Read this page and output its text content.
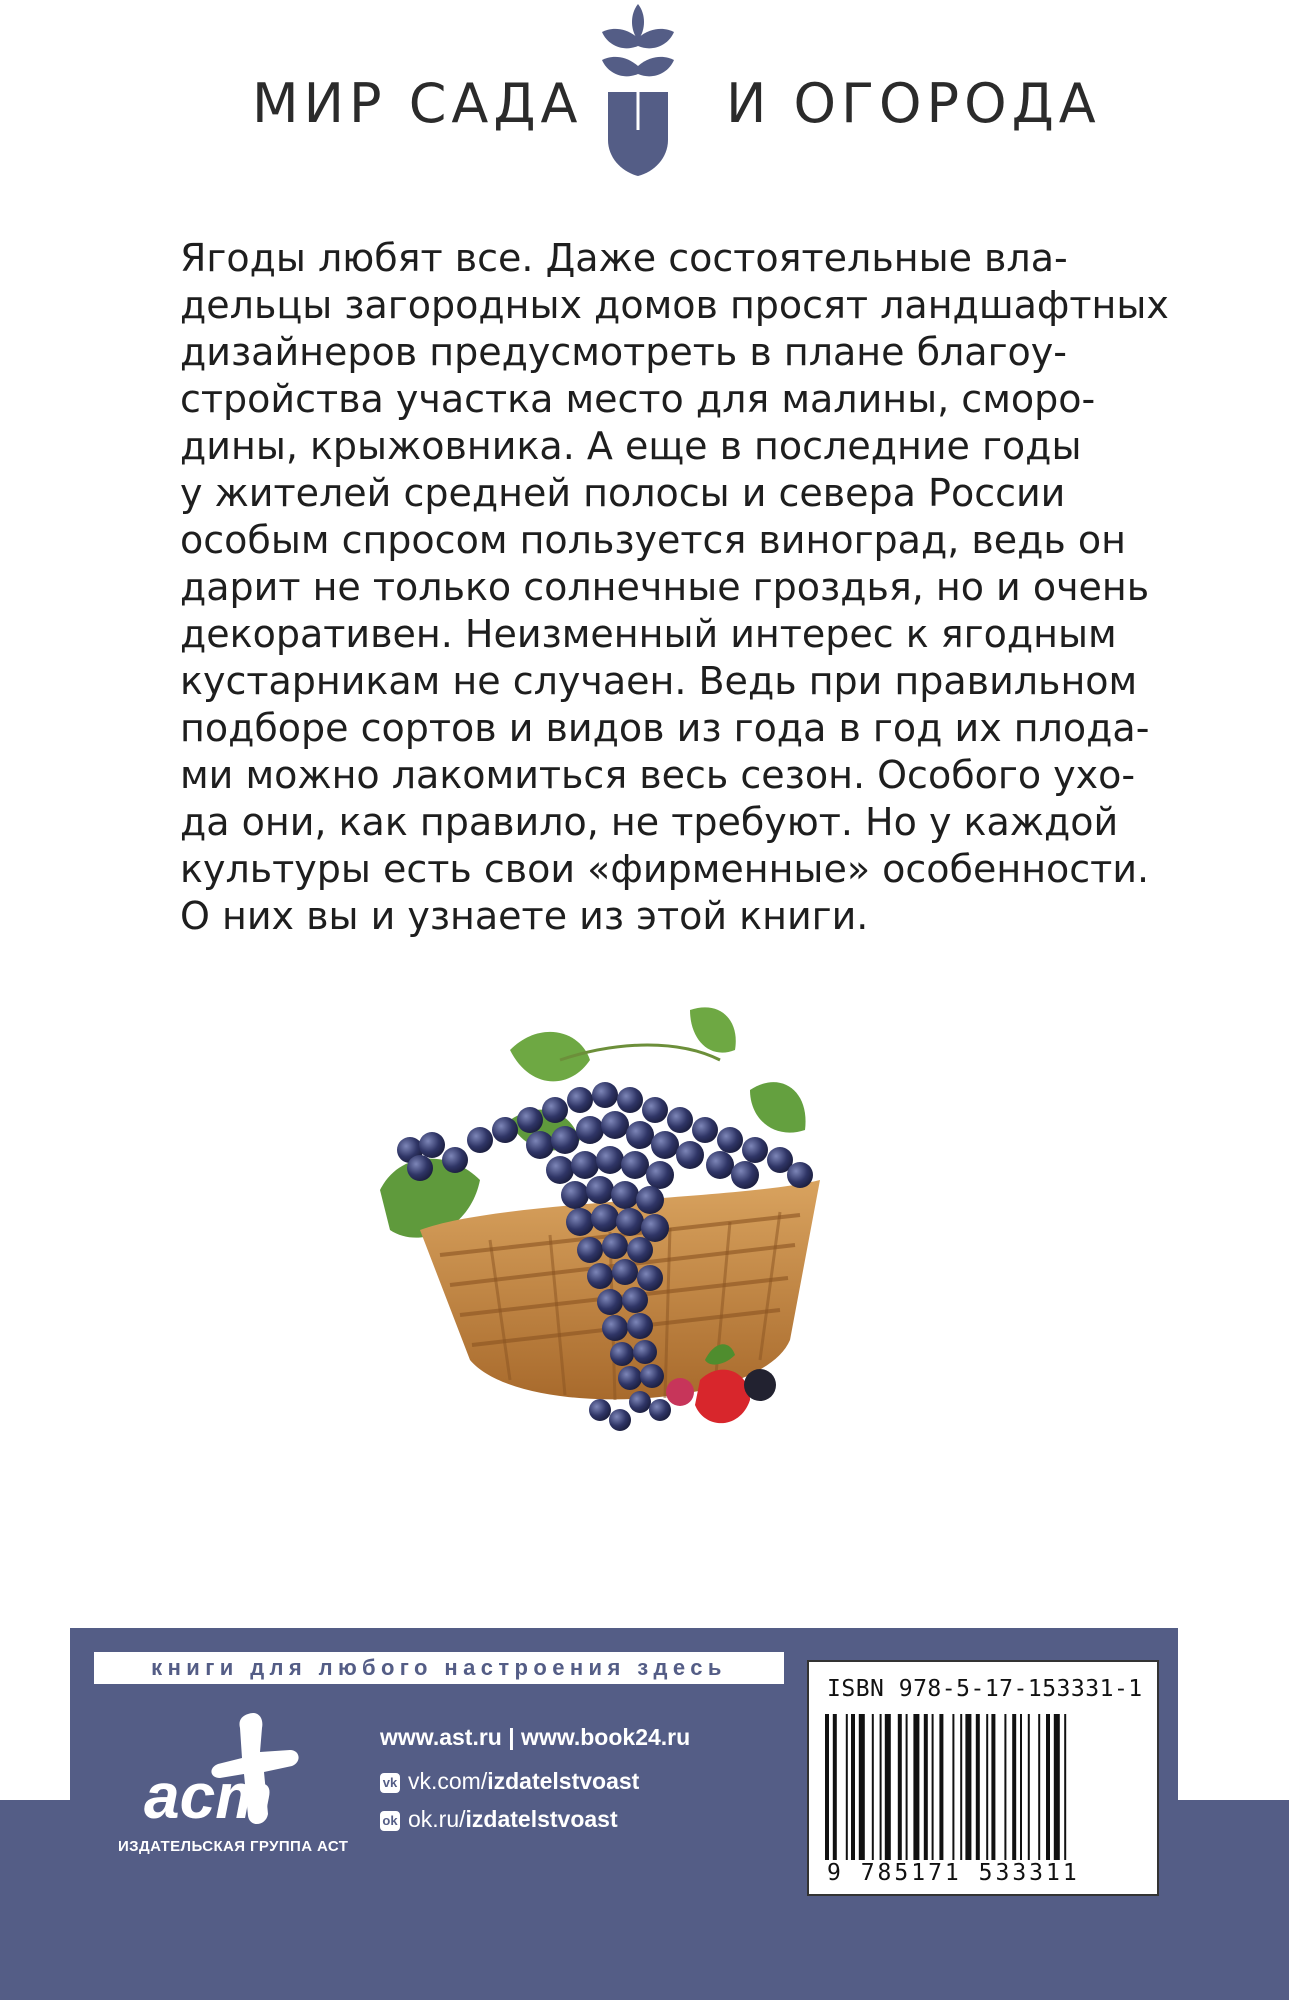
МИР САДА	И ОГОРОДА
Ягоды любят все. Даже состоятельные вла-
дельцы загородных домов просят ландшафтных
дизайнеров предусмотреть в плане благоу-
стройства участка место для малины, сморо-
дины, крыжовника. А еще в последние годы
у жителей средней полосы и севера России
особым спросом пользуется виноград, ведь он
дарит не только солнечные гроздья, но и очень
декоративен. Неизменный интерес к ягодным
кустарникам не случаен. Ведь при правильном
подборе сортов и видов из года в год их плода-
ми можно лакомиться весь сезон. Особого ухо-
да они, как правило, не требуют. Но у каждой
культуры есть свои «фирменные» особенности.
О них вы и узнаете из этой книги.
книги для любого настроения здесь
аст
ИЗДАТЕЛЬСКАЯ ГРУППА АСТ
www.ast.ru | www.book24.ru
vk vk.com/izdatelstvoast
ok ok.ru/izdatelstvoast
ISBN 978-5-17-153331-1
9 785171 533311
